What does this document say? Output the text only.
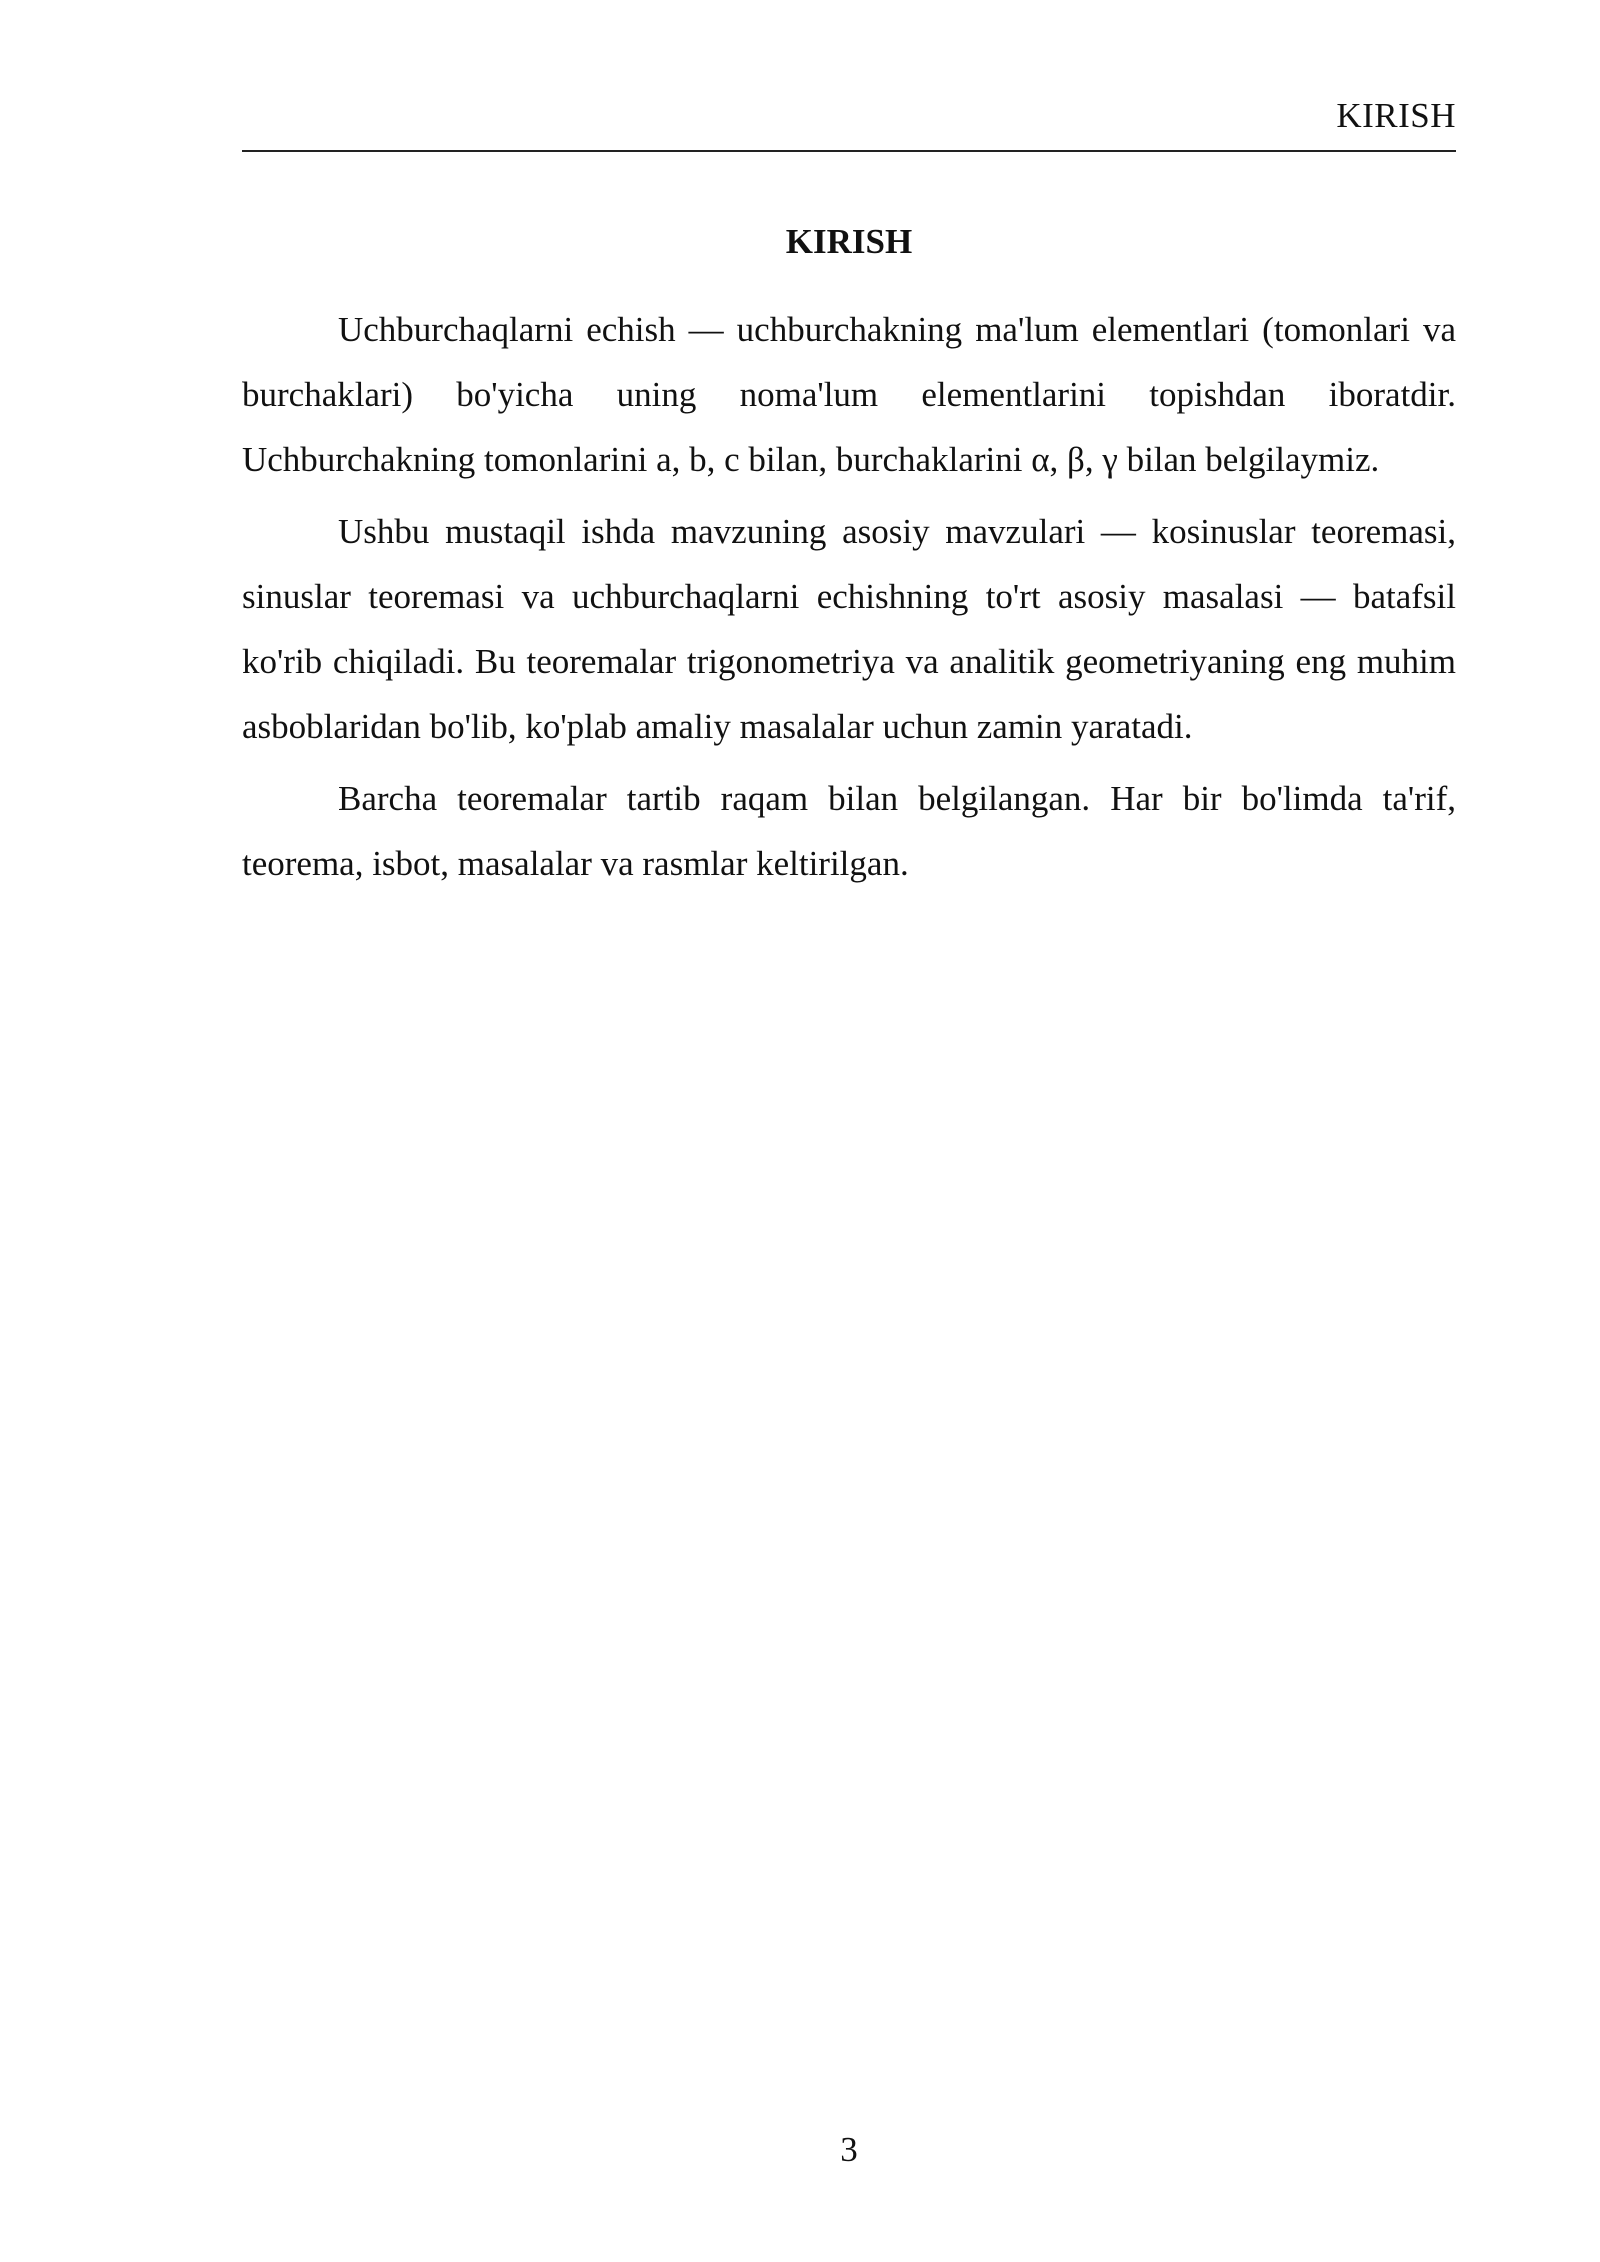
KIRISH
KIRISH

Uchburchaqlarni echish — uchburchakning ma'lum elementlari (tomonlari va burchaklari) bo'yicha uning noma'lum elementlarini topishdan iboratdir. Uchburchakning tomonlarini a, b, c bilan, burchaklarini α, β, γ bilan belgilaymiz.

Ushbu mustaqil ishda mavzuning asosiy mavzulari — kosinuslar teoremasi, sinuslar teoremasi va uchburchaqlarni echishning to'rt asosiy masalasi — batafsil ko'rib chiqiladi. Bu teoremalar trigonometriya va analitik geometriyaning eng muhim asboblaridan bo'lib, ko'plab amaliy masalalar uchun zamin yaratadi.

Barcha teoremalar tartib raqam bilan belgilangan. Har bir bo'limda ta'rif, teorema, isbot, masalalar va rasmlar keltirilgan.

3
